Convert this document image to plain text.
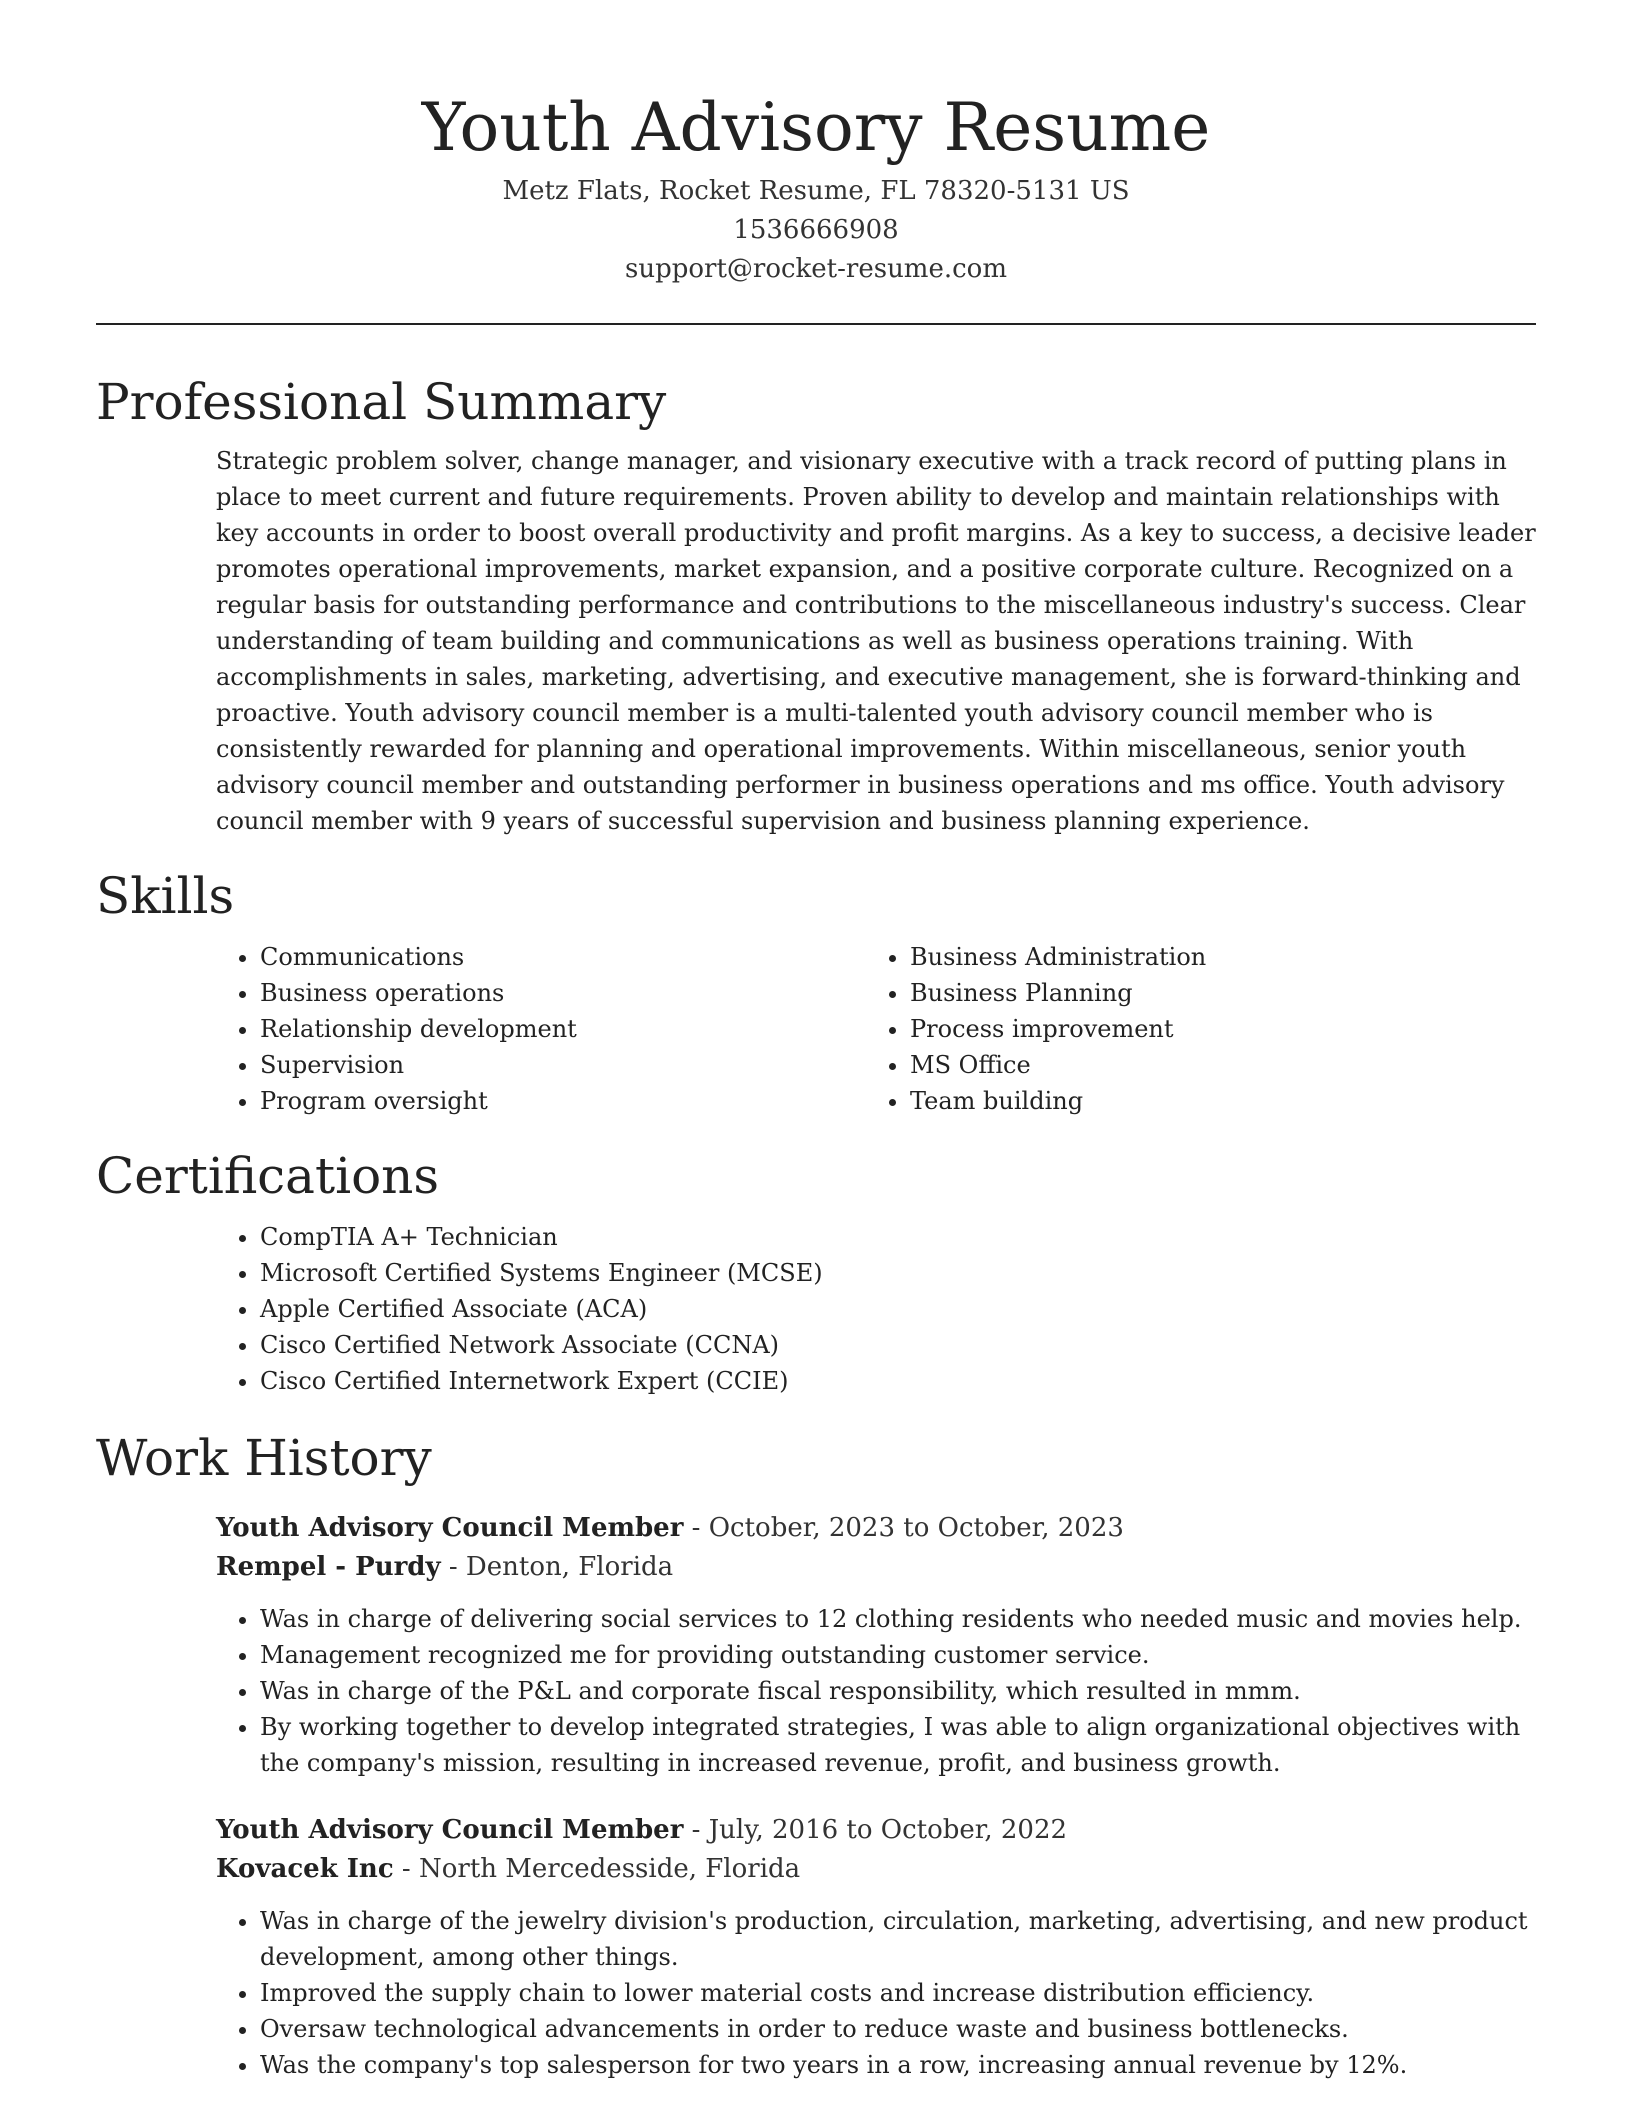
Youth Advisory Resume
Metz Flats, Rocket Resume, FL 78320-5131 US
1536666908
support@rocket-resume.com
Professional Summary

Strategic problem solver, change manager, and visionary executive with a track record of putting plans in place to meet current and future requirements. Proven ability to develop and maintain relationships with key accounts in order to boost overall productivity and profit margins. As a key to success, a decisive leader promotes operational improvements, market expansion, and a positive corporate culture. Recognized on a regular basis for outstanding performance and contributions to the miscellaneous industry's success. Clear understanding of team building and communications as well as business operations training. With accomplishments in sales, marketing, advertising, and executive management, she is forward-thinking and proactive. Youth advisory council member is a multi-talented youth advisory council member who is consistently rewarded for planning and operational improvements. Within miscellaneous, senior youth advisory council member and outstanding performer in business operations and ms office. Youth advisory council member with 9 years of successful supervision and business planning experience.

Skills
• Communications
• Business operations
• Relationship development
• Supervision
• Program oversight
• Business Administration
• Business Planning
• Process improvement
• MS Office
• Team building
Certifications
• CompTIA A+ Technician
• Microsoft Certified Systems Engineer (MCSE)
• Apple Certified Associate (ACA)
• Cisco Certified Network Associate (CCNA)
• Cisco Certified Internetwork Expert (CCIE)
Work History
Youth Advisory Council Member - October, 2023 to October, 2023
Rempel - Purdy - Denton, Florida
• Was in charge of delivering social services to 12 clothing residents who needed music and movies help.
• Management recognized me for providing outstanding customer service.
• Was in charge of the P&L and corporate fiscal responsibility, which resulted in mmm.
• By working together to develop integrated strategies, I was able to align organizational objectives with the company's mission, resulting in increased revenue, profit, and business growth.
Youth Advisory Council Member - July, 2016 to October, 2022
Kovacek Inc - North Mercedesside, Florida
• Was in charge of the jewelry division's production, circulation, marketing, advertising, and new product development, among other things.
• Improved the supply chain to lower material costs and increase distribution efficiency.
• Oversaw technological advancements in order to reduce waste and business bottlenecks.
• Was the company's top salesperson for two years in a row, increasing annual revenue by 12%.
